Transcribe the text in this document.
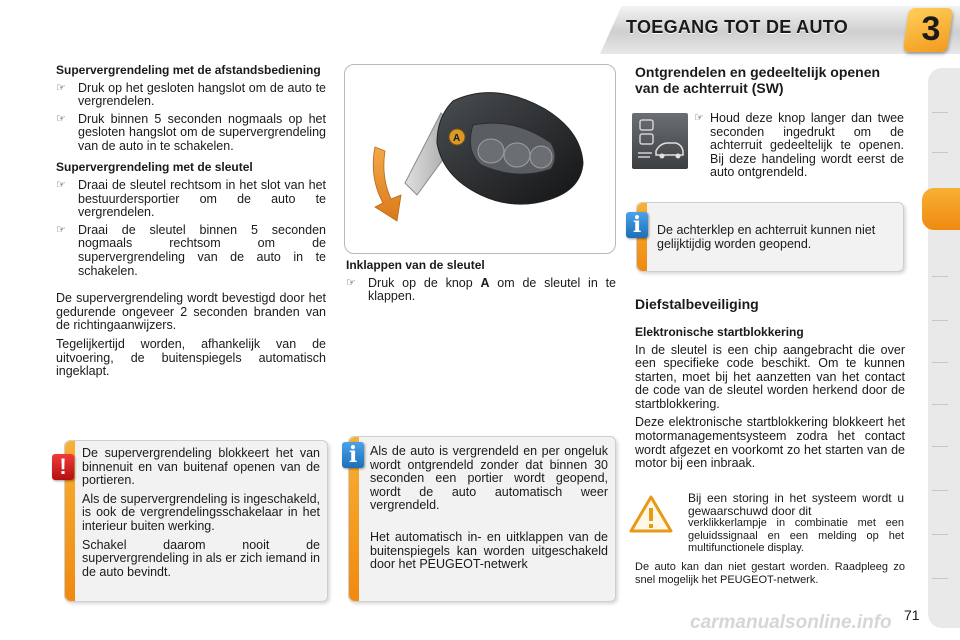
TOEGANG TOT DE AUTO 3
Supervergrendeling met de afstandsbediening
☞ Druk op het gesloten hangslot om de auto te vergrendelen.
☞ Druk binnen 5 seconden nogmaals op het gesloten hangslot om de supervergrendeling van de auto in te schakelen.
Supervergrendeling met de sleutel
☞ Draai de sleutel rechtsom in het slot van het bestuurdersportier om de auto te vergrendelen.
☞ Draai de sleutel binnen 5 seconden nogmaals rechtsom om de supervergrendeling van de auto in te schakelen.

De supervergrendeling wordt bevestigd door het gedurende ongeveer 2 seconden branden van de richtingaanwijzers.

Tegelijkertijd worden, afhankelijk van de uitvoering, de buitenspiegels automatisch ingeklapt.

!

De supervergrendeling blokkeert het van binnenuit en van buitenaf openen van de portieren.

Als de supervergrendeling is ingeschakeld, is ook de vergrendelingsschakelaar in het interieur buiten werking.

Schakel daarom nooit de supervergrendeling in als er zich iemand in de auto bevindt.

A
Inklappen van de sleutel
☞ Druk op de knop A om de sleutel in te klappen.
i	Als de auto is vergrendeld en per ongeluk wordt ontgrendeld zonder dat binnen 30 seconden een portier wordt geopend, wordt de auto automatisch weer vergrendeld.

Het automatisch in- en uitklappen van de buitenspiegels kan worden uitgeschakeld door het PEUGEOT-netwerk

Ontgrendelen en gedeeltelijk openen van de achterruit (SW)
☞ Houd deze knop langer dan twee seconden ingedrukt om de achterruit gedeeltelijk te openen. Bij deze handeling wordt eerst de auto ontgrendeld.
i	De achterklep en achterruit kunnen niet gelijktijdig worden geopend.

Diefstalbeveiliging
Elektronische startblokkering

In de sleutel is een chip aangebracht die over een specifieke code beschikt. Om te kunnen starten, moet bij het aanzetten van het contact de code van de sleutel worden herkend door de startblokkering.

Deze elektronische startblokkering blokkeert het motormanagementsysteem zodra het contact wordt afgezet en voorkomt zo het starten van de motor bij een inbraak.

Bij een storing in het systeem wordt u gewaarschuwd door dit
verklikkerlampje in combinatie met een geluidssignaal en een melding op het multifunctionele display.
De auto kan dan niet gestart worden. Raadpleeg zo snel mogelijk het PEUGEOT-netwerk.
carmanualsonline.info 71
